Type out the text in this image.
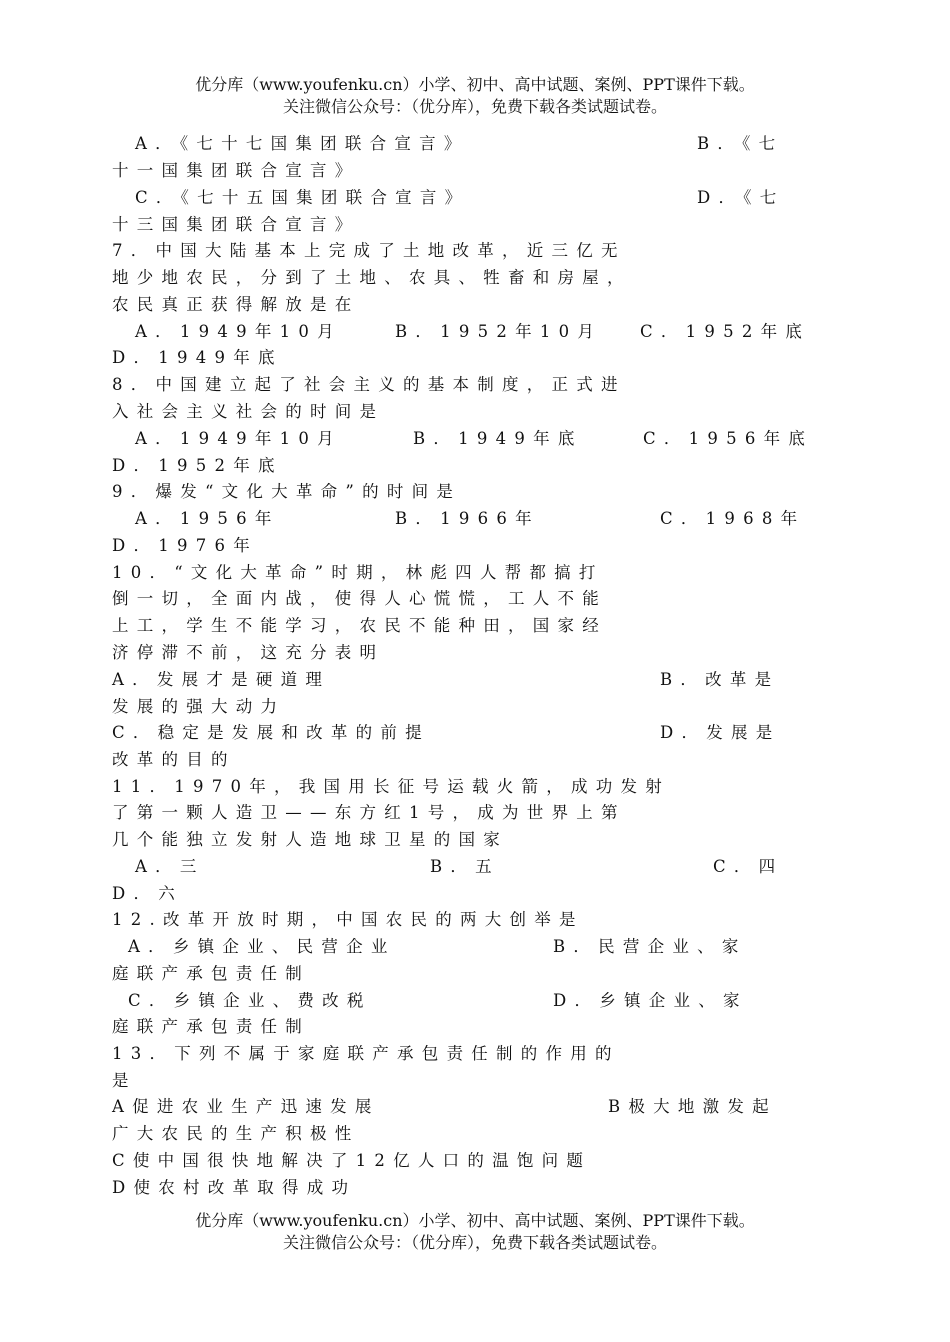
优分库（www.youfenku.cn）小学、初中、高中试题、案例、PPT课件下载。
关注微信公众号：（优分库），免费下载各类试题试卷。
A．《七十七国集团联合宣言》	B．《七
十一国集团联合宣言》
C．《七十五国集团联合宣言》	D．《七
十三国集团联合宣言》
7．中国大陆基本上完成了土地改革，近三亿无
地少地农民，分到了土地、农具、牲畜和房屋，
农民真正获得解放是在
A．1949年10月	B．1952年10月 C．1952年底
D．1949年底
8．中国建立起了社会主义的基本制度，正式进
入社会主义社会的时间是
A．1949年10月	B．1949年底	C．1956年底
D．1952年底
9．爆发“文化大革命”的时间是
A．1956年	B．1966年	C．1968年
D．1976年
10．“文化大革命”时期，林彪四人帮都搞打
倒一切，全面内战，使得人心慌慌，工人不能
上工，学生不能学习，农民不能种田，国家经
济停滞不前，这充分表明
A．发展才是硬道理	B．改革是
发展的强大动力
C．稳定是发展和改革的前提	D．发展是
改革的目的
11．1970年，我国用长征号运载火箭，成功发射
了第一颗人造卫——东方红1号，成为世界上第
几个能独立发射人造地球卫星的国家
A．三	B．五	C．四
D．六
12.改革开放时期，中国农民的两大创举是
A．乡镇企业、民营企业	B．民营企业、家
庭联产承包责任制
C．乡镇企业、费改税	D．乡镇企业、家
庭联产承包责任制
13．下列不属于家庭联产承包责任制的作用的
是
A促进农业生产迅速发展	B极大地激发起
广大农民的生产积极性
C使中国很快地解决了12亿人口的温饱问题
D使农村改革取得成功
优分库（www.youfenku.cn）小学、初中、高中试题、案例、PPT课件下载。
关注微信公众号：（优分库），免费下载各类试题试卷。
